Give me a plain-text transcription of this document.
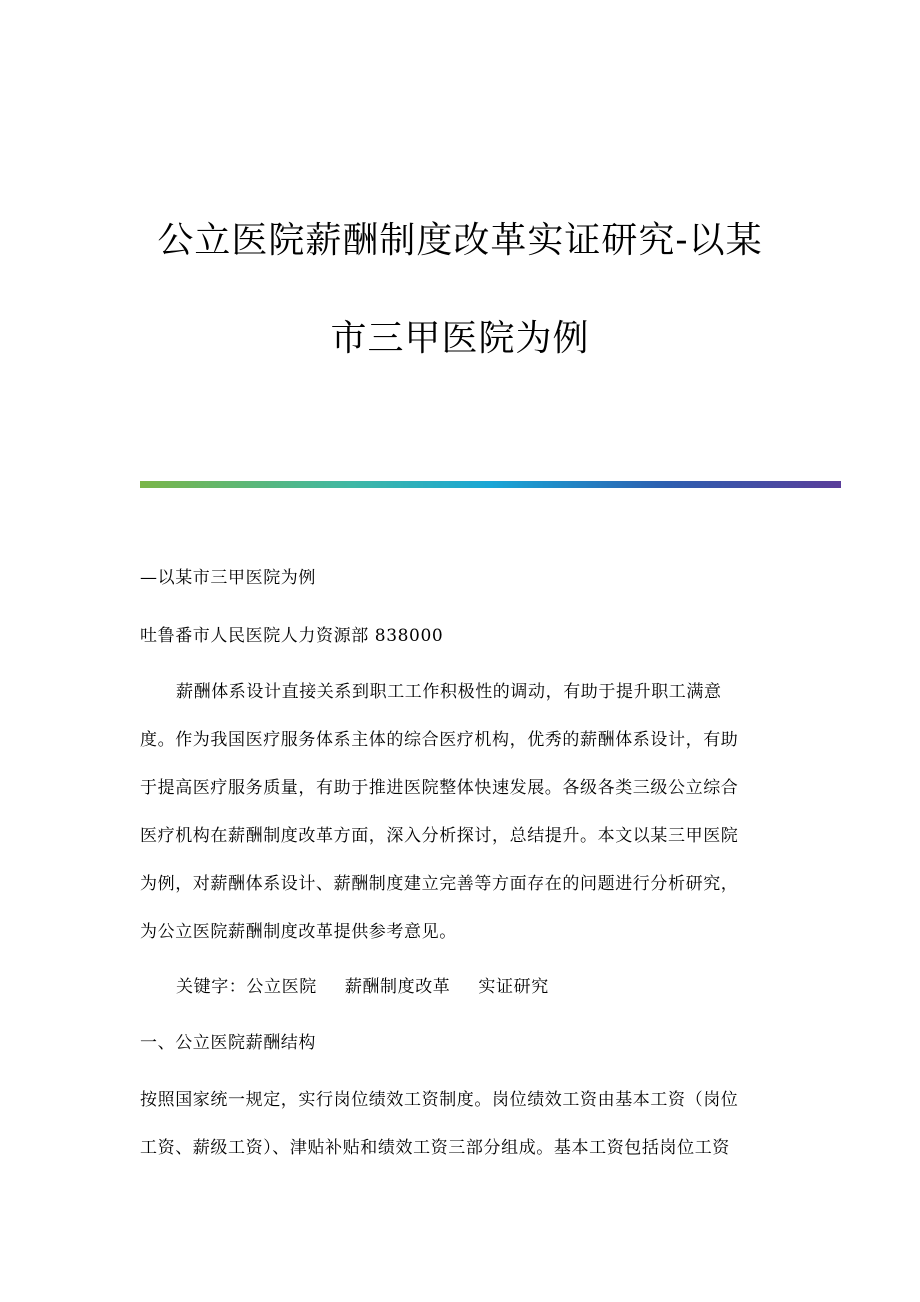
公立医院薪酬制度改革实证研究-以某
市三甲医院为例
—以某市三甲医院为例
吐鲁番市人民医院人力资源部 838000
薪酬体系设计直接关系到职工工作积极性的调动，有助于提升职工满意
度。作为我国医疗服务体系主体的综合医疗机构，优秀的薪酬体系设计，有助
于提高医疗服务质量，有助于推进医院整体快速发展。各级各类三级公立综合
医疗机构在薪酬制度改革方面，深入分析探讨，总结提升。本文以某三甲医院
为例，对薪酬体系设计、薪酬制度建立完善等方面存在的问题进行分析研究，
为公立医院薪酬制度改革提供参考意见。
关键字：公立医院 薪酬制度改革 实证研究
一、公立医院薪酬结构
按照国家统一规定，实行岗位绩效工资制度。岗位绩效工资由基本工资（岗位
工资、薪级工资）、津贴补贴和绩效工资三部分组成。基本工资包括岗位工资
